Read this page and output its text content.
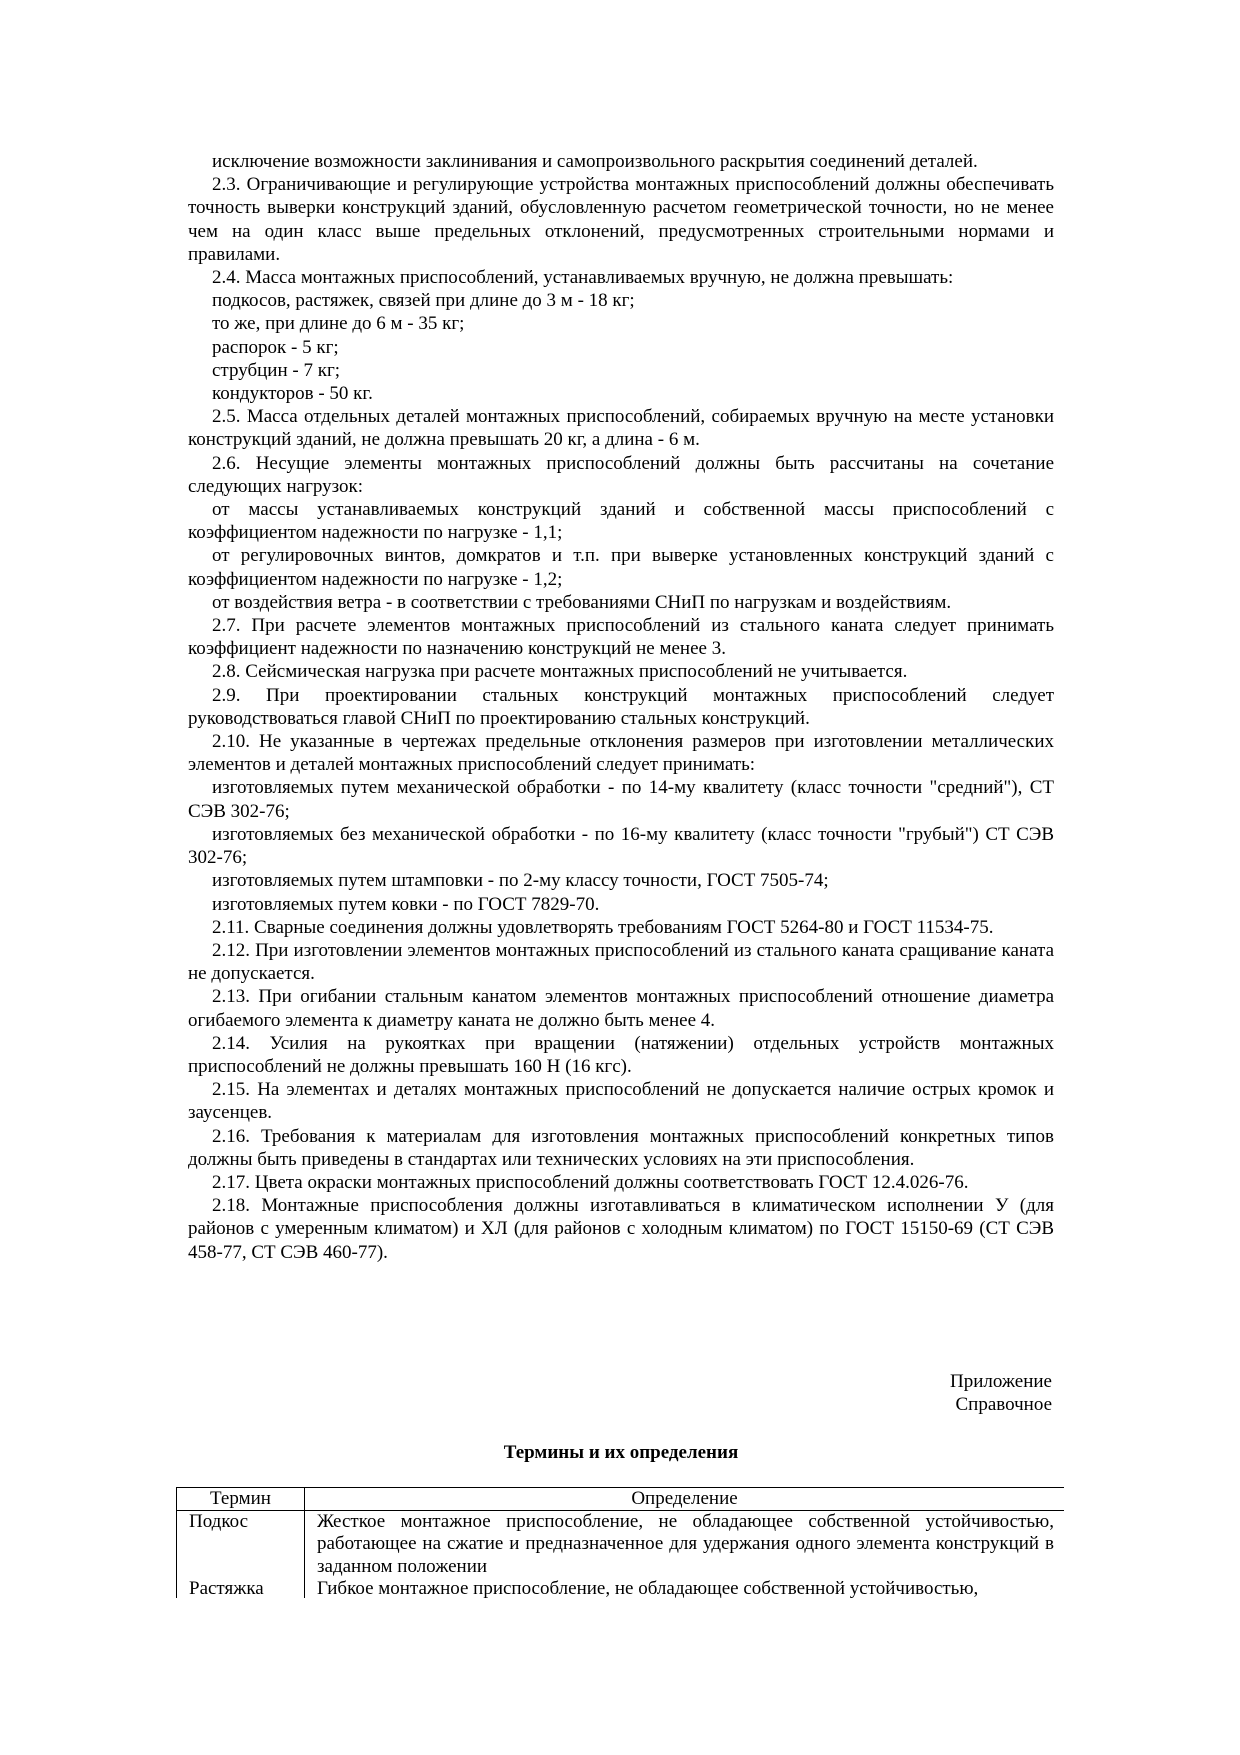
исключение возможности заклинивания и самопроизвольного раскрытия соединений деталей.

2.3. Ограничивающие и регулирующие устройства монтажных приспособлений должны обеспечивать точность выверки конструкций зданий, обусловленную расчетом геометрической точности, но не менее чем на один класс выше предельных отклонений, предусмотренных строительными нормами и правилами.

2.4. Масса монтажных приспособлений, устанавливаемых вручную, не должна превышать:

подкосов, растяжек, связей при длине до 3 м - 18 кг;

то же, при длине до 6 м - 35 кг;

распорок - 5 кг;

струбцин - 7 кг;

кондукторов - 50 кг.

2.5. Масса отдельных деталей монтажных приспособлений, собираемых вручную на месте установки конструкций зданий, не должна превышать 20 кг, а длина - 6 м.

2.6. Несущие элементы монтажных приспособлений должны быть рассчитаны на сочетание следующих нагрузок:

от массы устанавливаемых конструкций зданий и собственной массы приспособлений с коэффициентом надежности по нагрузке - 1,1;

от регулировочных винтов, домкратов и т.п. при выверке установленных конструкций зданий с коэффициентом надежности по нагрузке - 1,2;

от воздействия ветра - в соответствии с требованиями СНиП по нагрузкам и воздействиям.

2.7. При расчете элементов монтажных приспособлений из стального каната следует принимать коэффициент надежности по назначению конструкций не менее 3.

2.8. Сейсмическая нагрузка при расчете монтажных приспособлений не учитывается.

2.9. При проектировании стальных конструкций монтажных приспособлений следует руководствоваться главой СНиП по проектированию стальных конструкций.

2.10. Не указанные в чертежах предельные отклонения размеров при изготовлении металлических элементов и деталей монтажных приспособлений следует принимать:

изготовляемых путем механической обработки - по 14-му квалитету (класс точности "средний"), СТ СЭВ 302-76;

изготовляемых без механической обработки - по 16-му квалитету (класс точности "грубый") СТ СЭВ 302-76;

изготовляемых путем штамповки - по 2-му классу точности, ГОСТ 7505-74;

изготовляемых путем ковки - по ГОСТ 7829-70.

2.11. Сварные соединения должны удовлетворять требованиям ГОСТ 5264-80 и ГОСТ 11534-75.

2.12. При изготовлении элементов монтажных приспособлений из стального каната сращивание каната не допускается.

2.13. При огибании стальным канатом элементов монтажных приспособлений отношение диаметра огибаемого элемента к диаметру каната не должно быть менее 4.

2.14. Усилия на рукоятках при вращении (натяжении) отдельных устройств монтажных приспособлений не должны превышать 160 Н (16 кгс).

2.15. На элементах и деталях монтажных приспособлений не допускается наличие острых кромок и заусенцев.

2.16. Требования к материалам для изготовления монтажных приспособлений конкретных типов должны быть приведены в стандартах или технических условиях на эти приспособления.

2.17. Цвета окраски монтажных приспособлений должны соответствовать ГОСТ 12.4.026-76.

2.18. Монтажные приспособления должны изготавливаться в климатическом исполнении У (для районов с умеренным климатом) и ХЛ (для районов с холодным климатом) по ГОСТ 15150-69 (СТ СЭВ 458-77, СТ СЭВ 460-77).

Приложение
Справочное
Термины и их определения
Термин	Определение
Подкос	Жесткое монтажное приспособление, не обладающее собственной устойчивостью, работающее на сжатие и предназначенное для удержания одного элемента конструкций в заданном положении
Растяжка	Гибкое монтажное приспособление, не обладающее собственной устойчивостью,
